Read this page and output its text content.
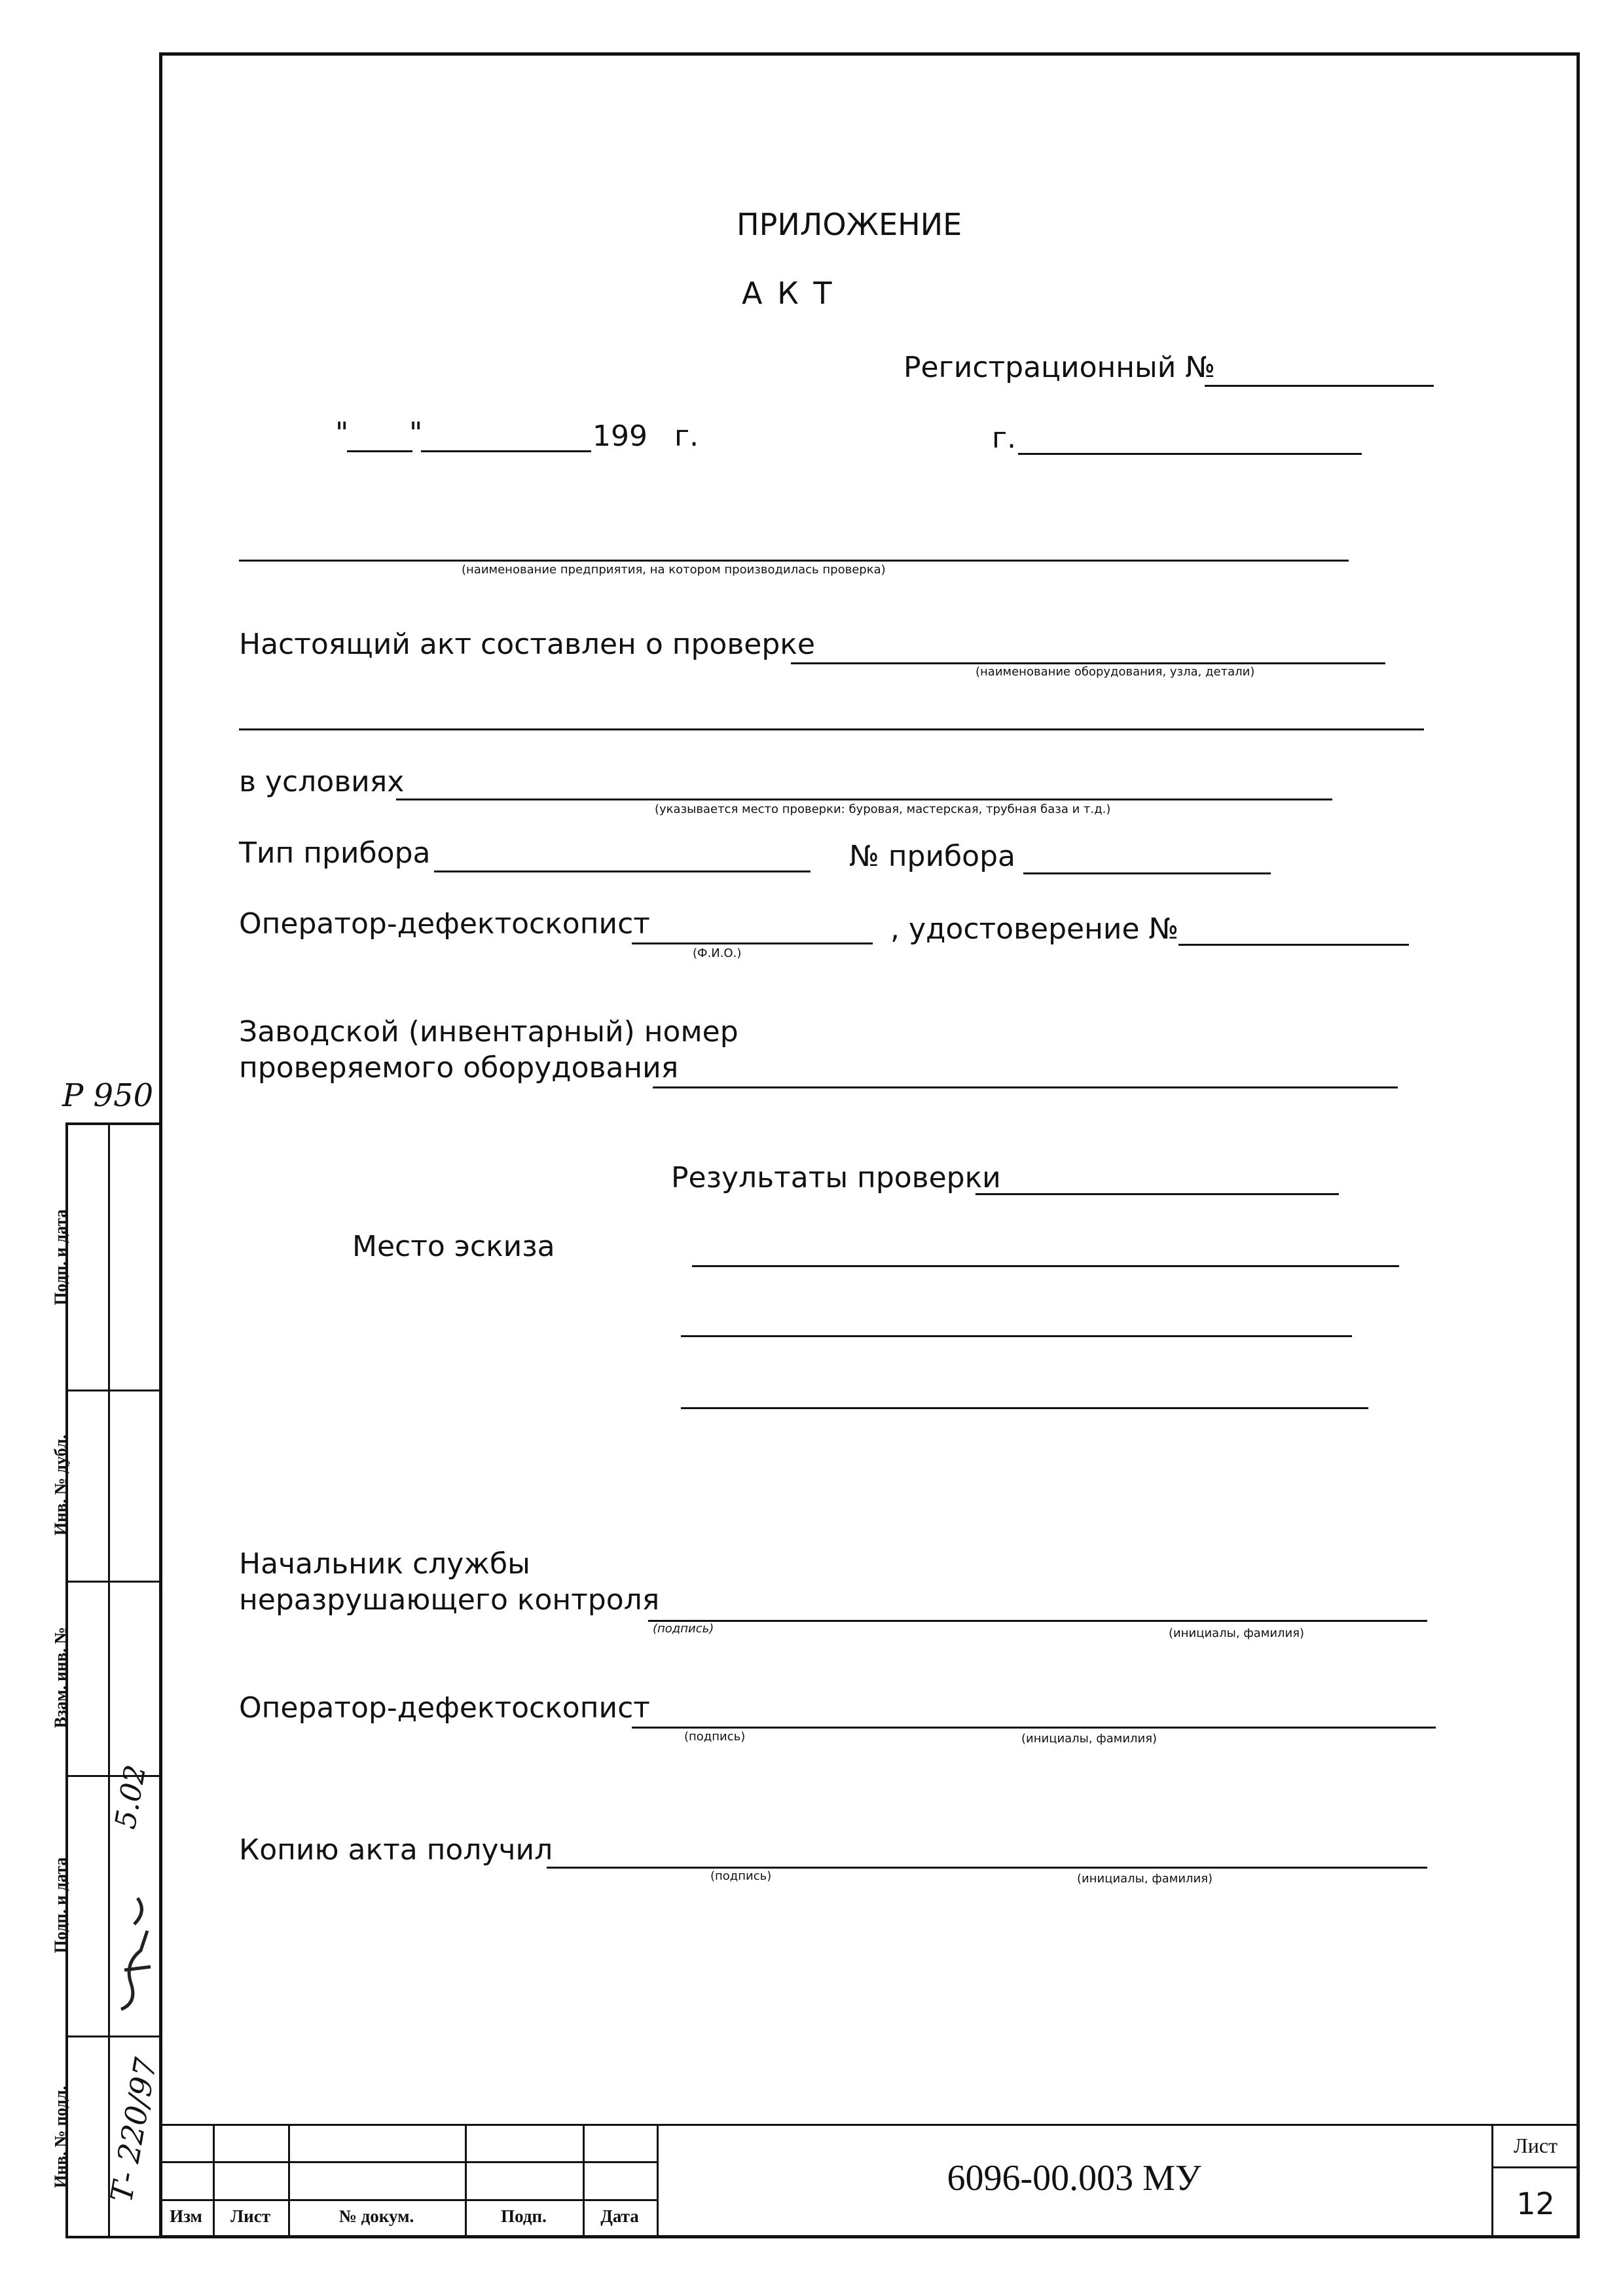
ПРИЛОЖЕНИЕ
А К Т
Регистрационный №
" "	199 г.	г.
(наименование предприятия, на котором производилась проверка)
Настоящий акт составлен о проверке
(наименование оборудования, узла, детали)
в условиях
(указывается место проверки: буровая, мастерская, трубная база и т.д.)
Тип прибора	№ прибора
Оператор-дефектоскопист
(Ф.И.О.)
, удостоверение №
Заводской (инвентарный) номер
проверяемого оборудования
Результаты проверки
Место эскиза
Начальник службы
неразрушающего контроля
(подпись)	(инициалы, фамилия)
Оператор-дефектоскопист
(подпись)	(инициалы, фамилия)
Копию акта получил
(подпись)	(инициалы, фамилия)
P 950
Подп. и дата
Инв. № дубл.
Взам. инв. №
Подп. и дата
Инв. № подл.
5.02
Т- 220/97
Изм	Лист	№ докум.	Подп.	Дата
6096-00.003 МУ
Лист
12
